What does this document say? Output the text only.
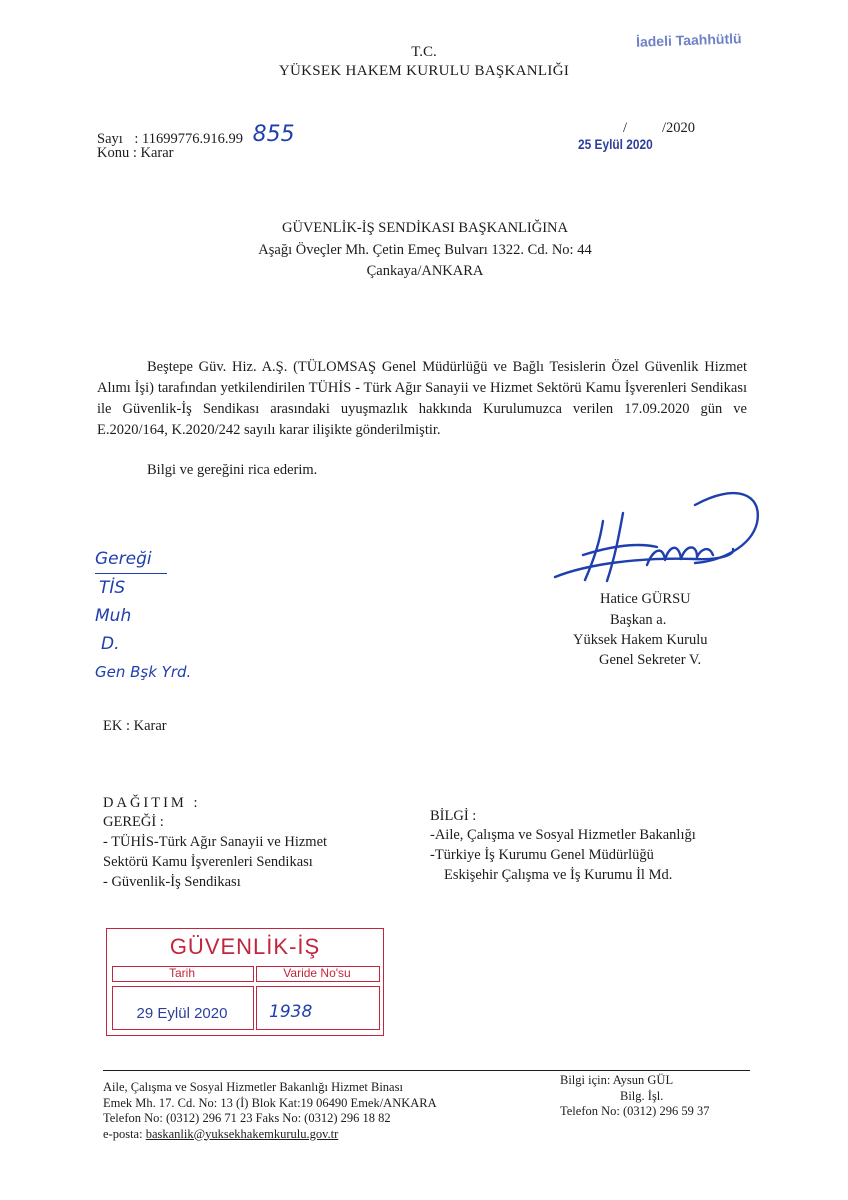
İadeli Taahhütlü
T.C.
YÜKSEK HAKEM KURULU BAŞKANLIĞI
Sayı : 11699776.916.99 855
Konu : Karar
25 Eylül 2020
/ /2020
GÜVENLİK-İŞ SENDİKASI BAŞKANLIĞINA
Aşağı Öveçler Mh. Çetin Emeç Bulvarı 1322. Cd. No: 44
Çankaya/ANKARA
Beştepe Güv. Hiz. A.Ş. (TÜLOMSAŞ Genel Müdürlüğü ve Bağlı Tesislerin Özel Güvenlik Hizmet Alımı İşi) tarafından yetkilendirilen TÜHİS - Türk Ağır Sanayii ve Hizmet Sektörü Kamu İşverenleri Sendikası ile Güvenlik-İş Sendikası arasındaki uyuşmazlık hakkında Kurulumuzca verilen 17.09.2020 gün ve E.2020/164, K.2020/242 sayılı karar ilişikte gönderilmiştir.
Bilgi ve gereğini rica ederim.
Gereği
TİS
Muh
D.
Gen Bşk Yrd.
Hatice GÜRSU
Başkan a.
Yüksek Hakem Kurulu
Genel Sekreter V.
EK : Karar
DAĞITIM :
GEREĞİ :
- TÜHİS-Türk Ağır Sanayii ve Hizmet
Sektörü Kamu İşverenleri Sendikası
- Güvenlik-İş Sendikası
BİLGİ :
-Aile, Çalışma ve Sosyal Hizmetler Bakanlığı
-Türkiye İş Kurumu Genel Müdürlüğü
Eskişehir Çalışma ve İş Kurumu İl Md.
GÜVENLİK-İŞ
Tarih	Varide No'su
29 Eylül 2020	1938
Aile, Çalışma ve Sosyal Hizmetler Bakanlığı Hizmet Binası
Emek Mh. 17. Cd. No: 13 (İ) Blok Kat:19 06490 Emek/ANKARA
Telefon No: (0312) 296 71 23 Faks No: (0312) 296 18 82
e-posta: baskanlik@yuksekhakemkurulu.gov.tr
Bilgi için: Aysun GÜL
Bilg. İşl.
Telefon No: (0312) 296 59 37
